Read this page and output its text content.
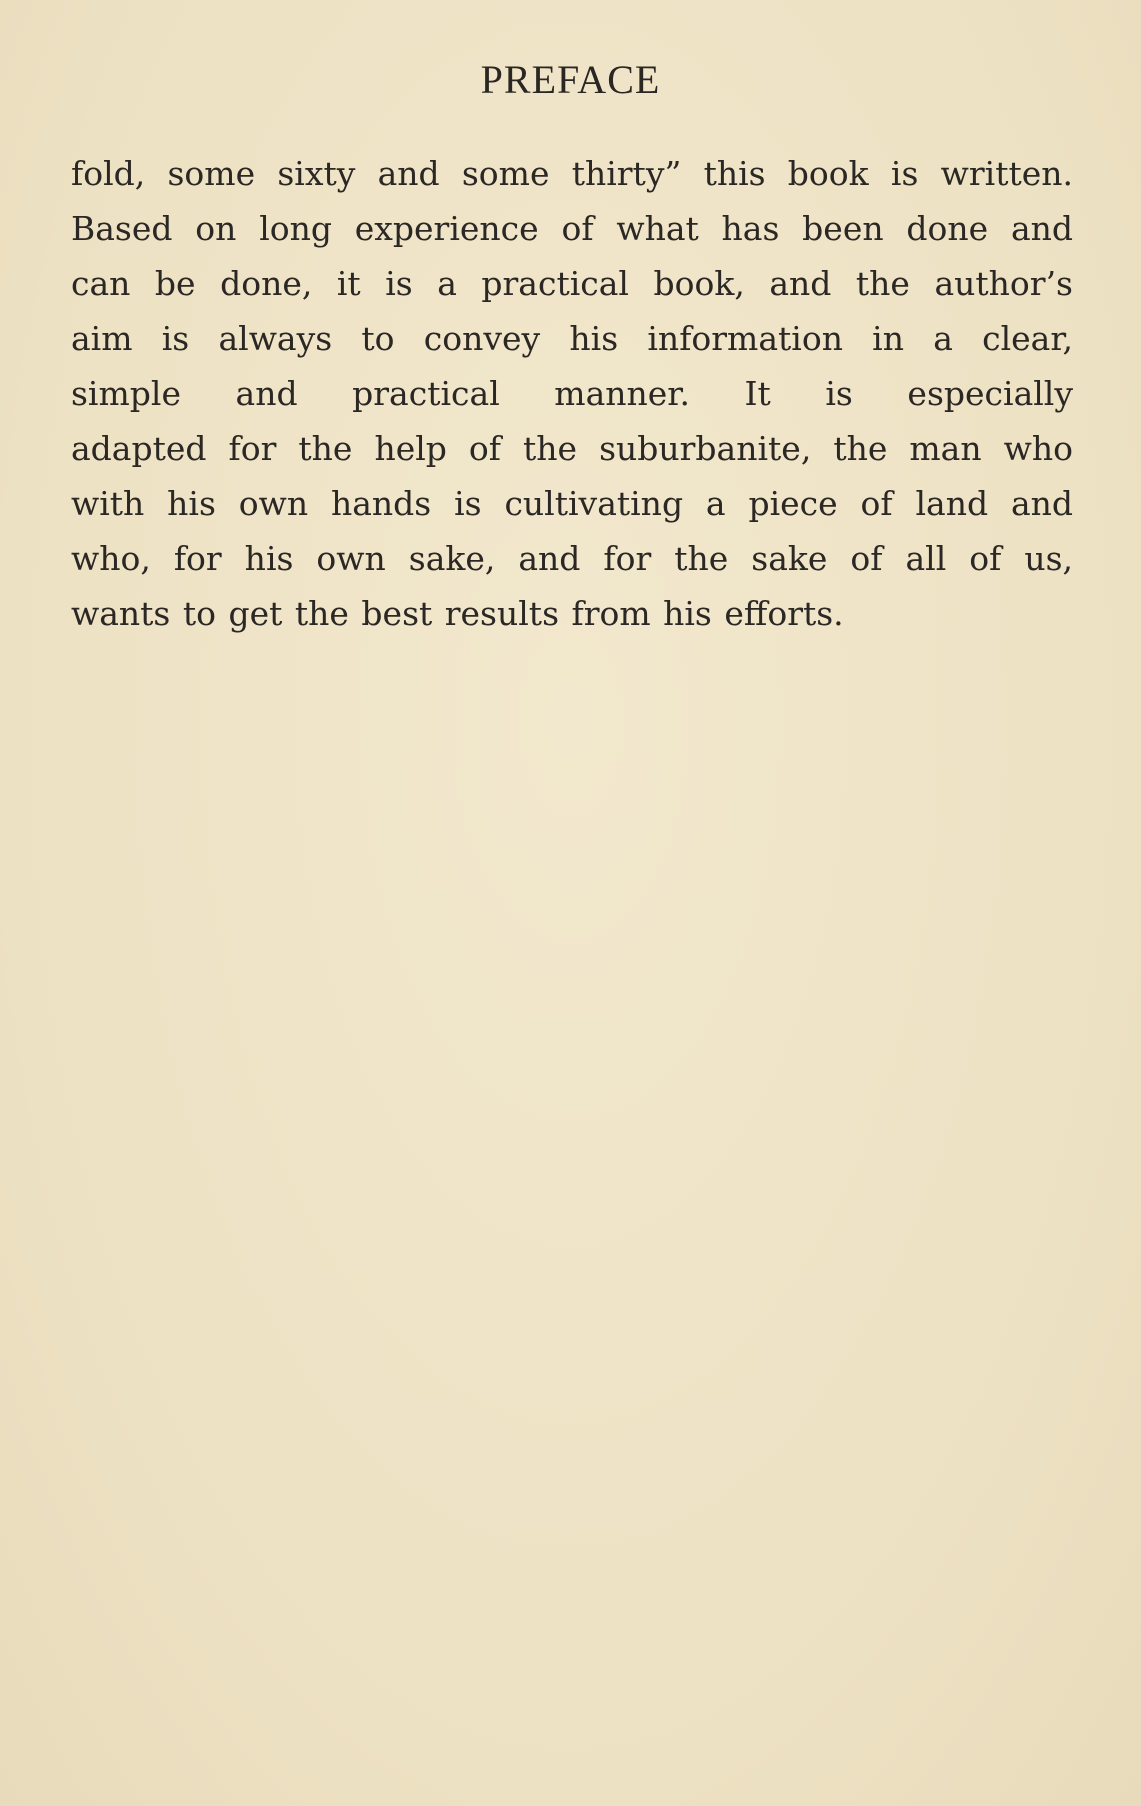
PREFACE
fold, some sixty and some thirty” this book is written.
Based on long experience of what has been done and
can be done, it is a practical book, and the author’s
aim is always to convey his information in a clear,
simple and practical manner. It is especially
adapted for the help of the suburbanite, the man who
with his own hands is cultivating a piece of land and
who, for his own sake, and for the sake of all of us,
wants to get the best results from his efforts.
